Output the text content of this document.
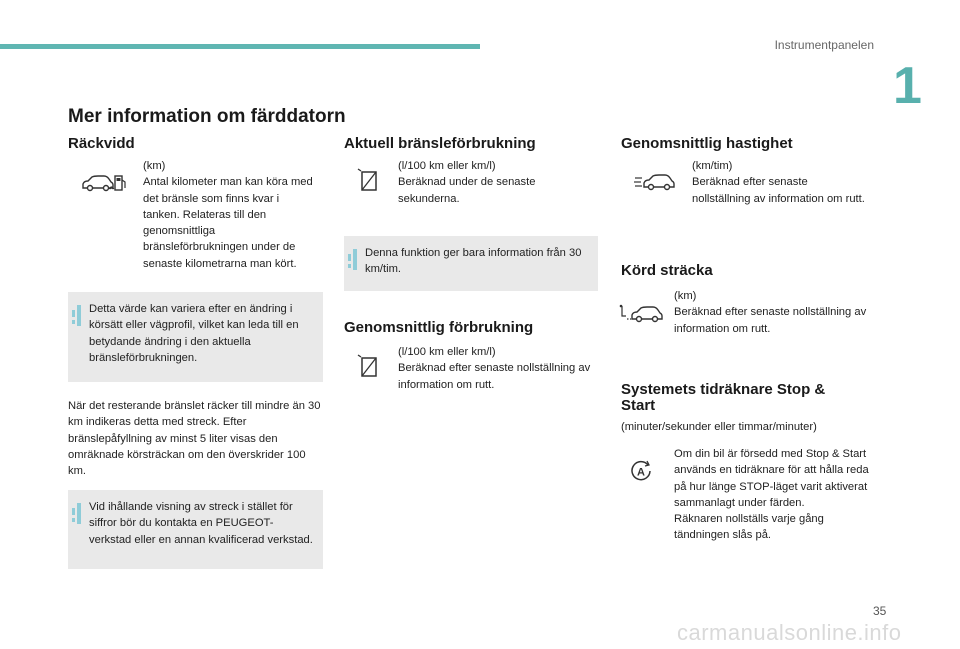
Instrumentpanelen
1
Mer information om färddatorn
Räckvidd
(km)
Antal kilometer man kan köra med det bränsle som finns kvar i tanken. Relateras till den genomsnittliga bränsleförbrukningen under de senaste kilometrarna man kört.
Detta värde kan variera efter en ändring i körsätt eller vägprofil, vilket kan leda till en betydande ändring i den aktuella bränsleförbrukningen.
När det resterande bränslet räcker till mindre än 30 km indikeras detta med streck. Efter bränslepåfyllning av minst 5 liter visas den omräknade körsträckan om den överskrider 100 km.
Vid ihållande visning av streck i stället för siffror bör du kontakta en PEUGEOT-verkstad eller en annan kvalificerad verkstad.
Aktuell bränsleförbrukning
(l/100 km eller km/l)
Beräknad under de senaste sekunderna.
Denna funktion ger bara information från 30 km/tim.
Genomsnittlig förbrukning
(l/100 km eller km/l)
Beräknad efter senaste nollställning av information om rutt.
Genomsnittlig hastighet
(km/tim)
Beräknad efter senaste nollställning av information om rutt.
Körd sträcka
(km)
Beräknad efter senaste nollställning av information om rutt.
Systemets tidräknare Stop & Start
(minuter/sekunder eller timmar/minuter)
A
Om din bil är försedd med Stop & Start används en tidräknare för att hålla reda på hur länge STOP-läget varit aktiverat sammanlagt under färden.
Räknaren nollställs varje gång tändningen slås på.
35
carmanualsonline.info
